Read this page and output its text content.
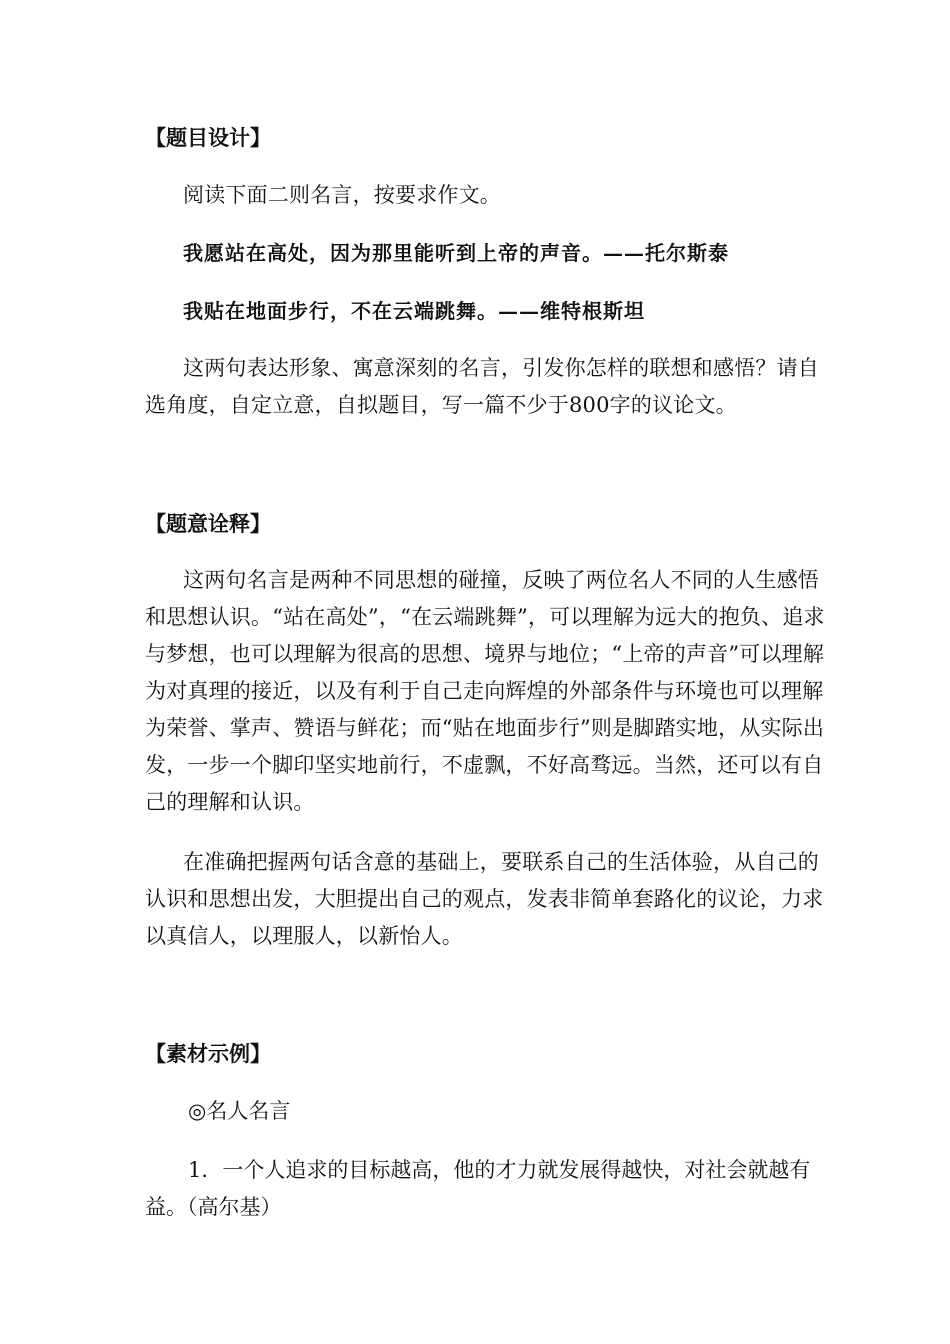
【题目设计】
阅读下面二则名言，按要求作文。
我愿站在高处，因为那里能听到上帝的声音。——托尔斯泰
我贴在地面步行，不在云端跳舞。——维特根斯坦
这两句表达形象、寓意深刻的名言，引发你怎样的联想和感悟？请自选角度，自定立意，自拟题目，写一篇不少于800字的议论文。
【题意诠释】
这两句名言是两种不同思想的碰撞，反映了两位名人不同的人生感悟和思想认识。“站在高处”，“在云端跳舞”，可以理解为远大的抱负、追求与梦想，也可以理解为很高的思想、境界与地位；“上帝的声音”可以理解为对真理的接近，以及有利于自己走向辉煌的外部条件与环境也可以理解为荣誉、掌声、赞语与鲜花；而“贴在地面步行”则是脚踏实地，从实际出发，一步一个脚印坚实地前行，不虚飘，不好高骛远。当然，还可以有自己的理解和认识。
在准确把握两句话含意的基础上，要联系自己的生活体验，从自己的认识和思想出发，大胆提出自己的观点，发表非简单套路化的议论，力求以真信人，以理服人，以新怡人。
【素材示例】
◎名人名言
1．一个人追求的目标越高，他的才力就发展得越快，对社会就越有益。（高尔基）
